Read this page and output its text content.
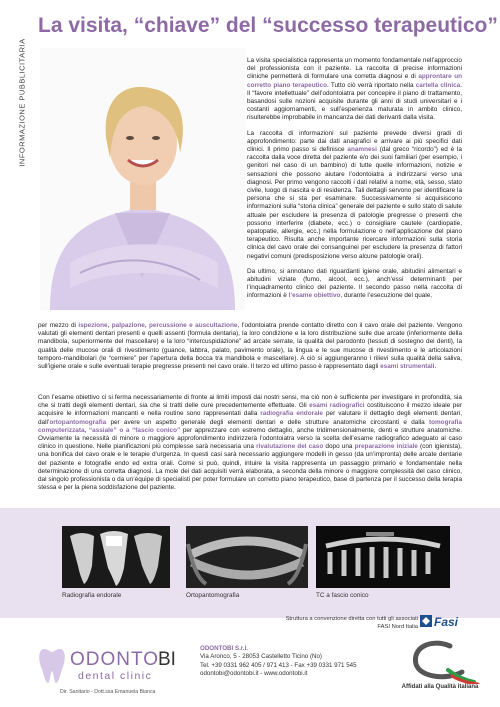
INFORMAZIONE PUBBLICITARIA
La visita, “chiave” del “successo terapeutico”

La visita specialistica rappresenta un momento fondamentale nell’approccio del professionista con il paziente. La raccolta di precise informazioni cliniche permetterà di formulare una corretta diagnosi e di approntare un corretto piano terapeutico. Tutto ciò verrà riportato nella cartella clinica. Il “favore intellettuale” dell’odontoiatra per concepire il piano di trattamento, basandosi sulle nozioni acquisite durante gli anni di studi universitari e i costanti aggiornamenti, e sull’esperienza maturata in ambito clinico, risulterebbe improbabile in mancanza dei dati derivanti dalla visita.

La raccolta di informazioni sul paziente prevede diversi gradi di approfondimento: parte dai dati anagrafici e arrivare ai più specifici dati clinici. Il primo passo si definisce anamnesi (dal greco “ricordo”) ed è la raccolta dalla voce diretta del paziente e/o dei suoi familiari (per esempio, i genitori nel caso di un bambino) di tutte quelle informazioni, notizie e sensazioni che possono aiutare l’odontoiatra a indirizzarsi verso una diagnosi. Per primo vengono raccolti i dati relativi a nome, età, sesso, stato civile, luogo di nascita e di residenza. Tali dettagli servono per identificare la persona che si sta per esaminare. Successivamente si acquisiscono informazioni sulla “storia clinica” generale del paziente e sullo stato di salute attuale per escludere la presenza di patologie pregresse o presenti che possono interferire (diabete, ecc.) o consigliare cautele (cardiopatie, epatopatie, allergie, ecc.) nella formulazione o nell’applicazione del piano terapeutico. Risulta anche importante ricercare informazioni sulla storia clinica del cavo orale dei consanguinei per escludere la presenza di fattori negativi comuni (predisposizione verso alcune patologie orali).

Da ultimo, si annotano dati riguardanti igiene orale, abitudini alimentari e abitudini viziate (fumo, alcool, ecc.), anch’essi determinanti per l’inquadramento clinico del paziente. Il secondo passo nella raccolta di informazioni è l’esame obiettivo, durante l’esecuzione del quale,

per mezzo di ispezione, palpazione, percussione e auscultazione, l’odontoiatra prende contatto diretto con il cavo orale del paziente. Vengono valutati gli elementi dentari presenti e quelli assenti (formula dentaria), la loro condizione e la loro distribuzione sulle due arcate (inferiormente della mandibola, superiormente del mascellare) e la loro “intercuspidazione” ad arcate serrate, la qualità del parodonto (tessuti di sostegno dei denti), la qualità delle mucose orali di rivestimento (guance, labbra, palato, pavimento orale), la lingua e le sue mucose di rivestimento e le articolazioni temporo-mandibolari (le “cerniere” per l’apertura della bocca tra mandibola e mascellare). A ciò si aggiungeranno i rilievi sulla qualità della saliva, sull’igiene orale e sulle eventuali terapie pregresse presenti nel cavo orale. Il terzo ed ultimo passo è rappresentato dagli esami strumentali.

Con l’esame obiettivo ci si ferma necessariamente di fronte ai limiti imposti dai nostri sensi, ma ciò non è sufficiente per investigare in profondità, sia che si tratti degli elementi dentari, sia che si tratti delle cure precedentemente effettuate. Gli esami radiografici costituiscono il mezzo ideale per acquisire le informazioni mancanti e nella routine sono rappresentati dalla radiografia endorale per valutare il dettaglio degli elementi dentari, dall’ortopantomografia per avere un aspetto generale degli elementi dentari e delle strutture anatomiche circostanti e dalla tomografia computerizzata, “assiale” o a “fascio conico” per apprezzare con estremo dettaglio, anche tridimensionalmente, denti e strutture anatomiche. Ovviamente la necessità di minore o maggiore approfondimento indirizzerà l’odontoiatra verso la scelta dell’esame radiografico adeguato al caso clinico in questione. Nelle pianificazioni più complesse sarà necessaria una rivalutazione del caso dopo una preparazione iniziale (con igienista), una bonifica del cavo orale e le terapie d’urgenza. In questi casi sarà necessario aggiungere modelli in gesso (da un’impronta) delle arcate dentarie del paziente e fotografie endo ed extra orali. Come si può, quindi, intuire la visita rappresenta un passaggio primario e fondamentale nella determinazione di una corretta diagnosi. La mole dei dati acquisiti verrà elaborata, a seconda della minore o maggiore complessità del caso clinico, dal singolo professionista o da un’équipe di specialisti per poter formulare un corretto piano terapeutico, base di partenza per il successo della terapia stessa e per la piena soddisfazione del paziente.

Radiografia endorale	Ortopantomografia	TC a fascio conico
Struttura a convenzione diretta con tutti gli associati FASI Nord Italia Fasi
ODONTO
BI
dental clinic
Dir. Sanitario - Dott.ssa Emanuela Bianca
ODONTOBI S.r.l.
Via Aronco, 5 - 28053 Castelletto Ticino (No)
Tel. +39 0331 962 405 / 971 413 - Fax +39 0331 971 545
odontobi@odontobi.it - www.odontobi.it
Affidati alla Qualità italiana
